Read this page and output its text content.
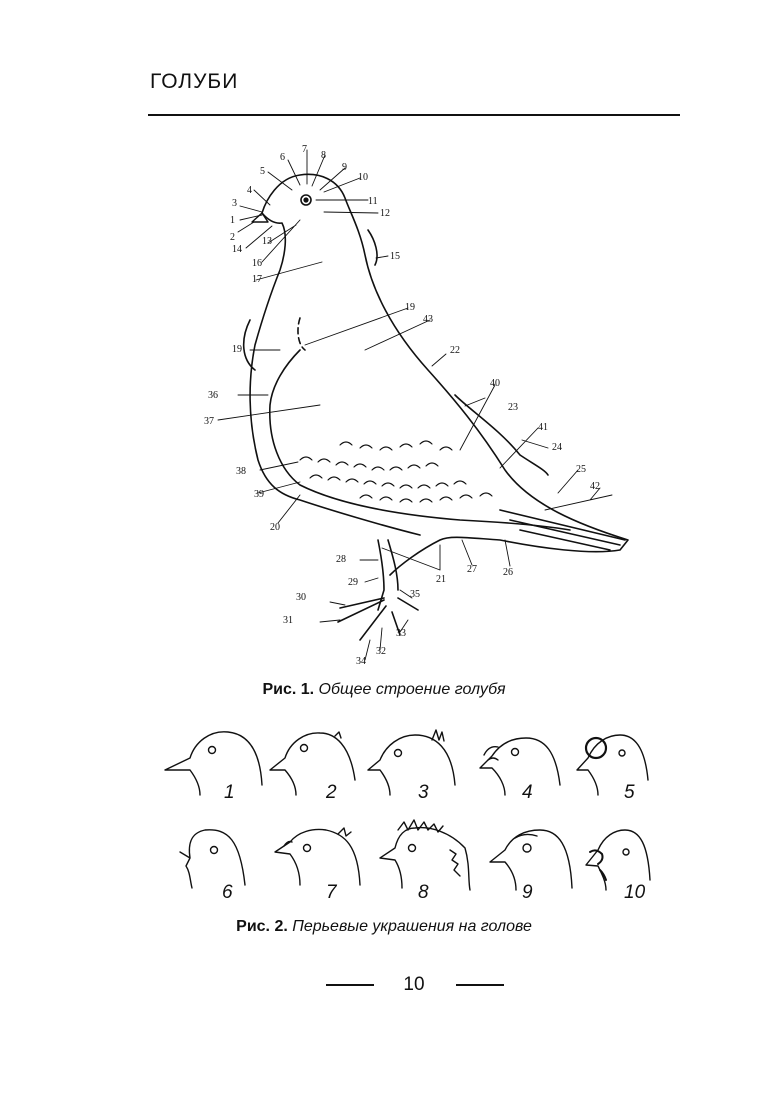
ГОЛУБИ
1
2
3
4
5
6
7
8
9
10
11
12
13
14
15
16
17
19
19
20
21
22
23
24
25
26
27
28
29
30
31
32
33
34
35
36
37
38
39
40
41
42
43
Рис. 1. Общее строение голубя
1	2	3	4	5
6	7	8	9	10
Рис. 2. Перьевые украшения на голове
10
